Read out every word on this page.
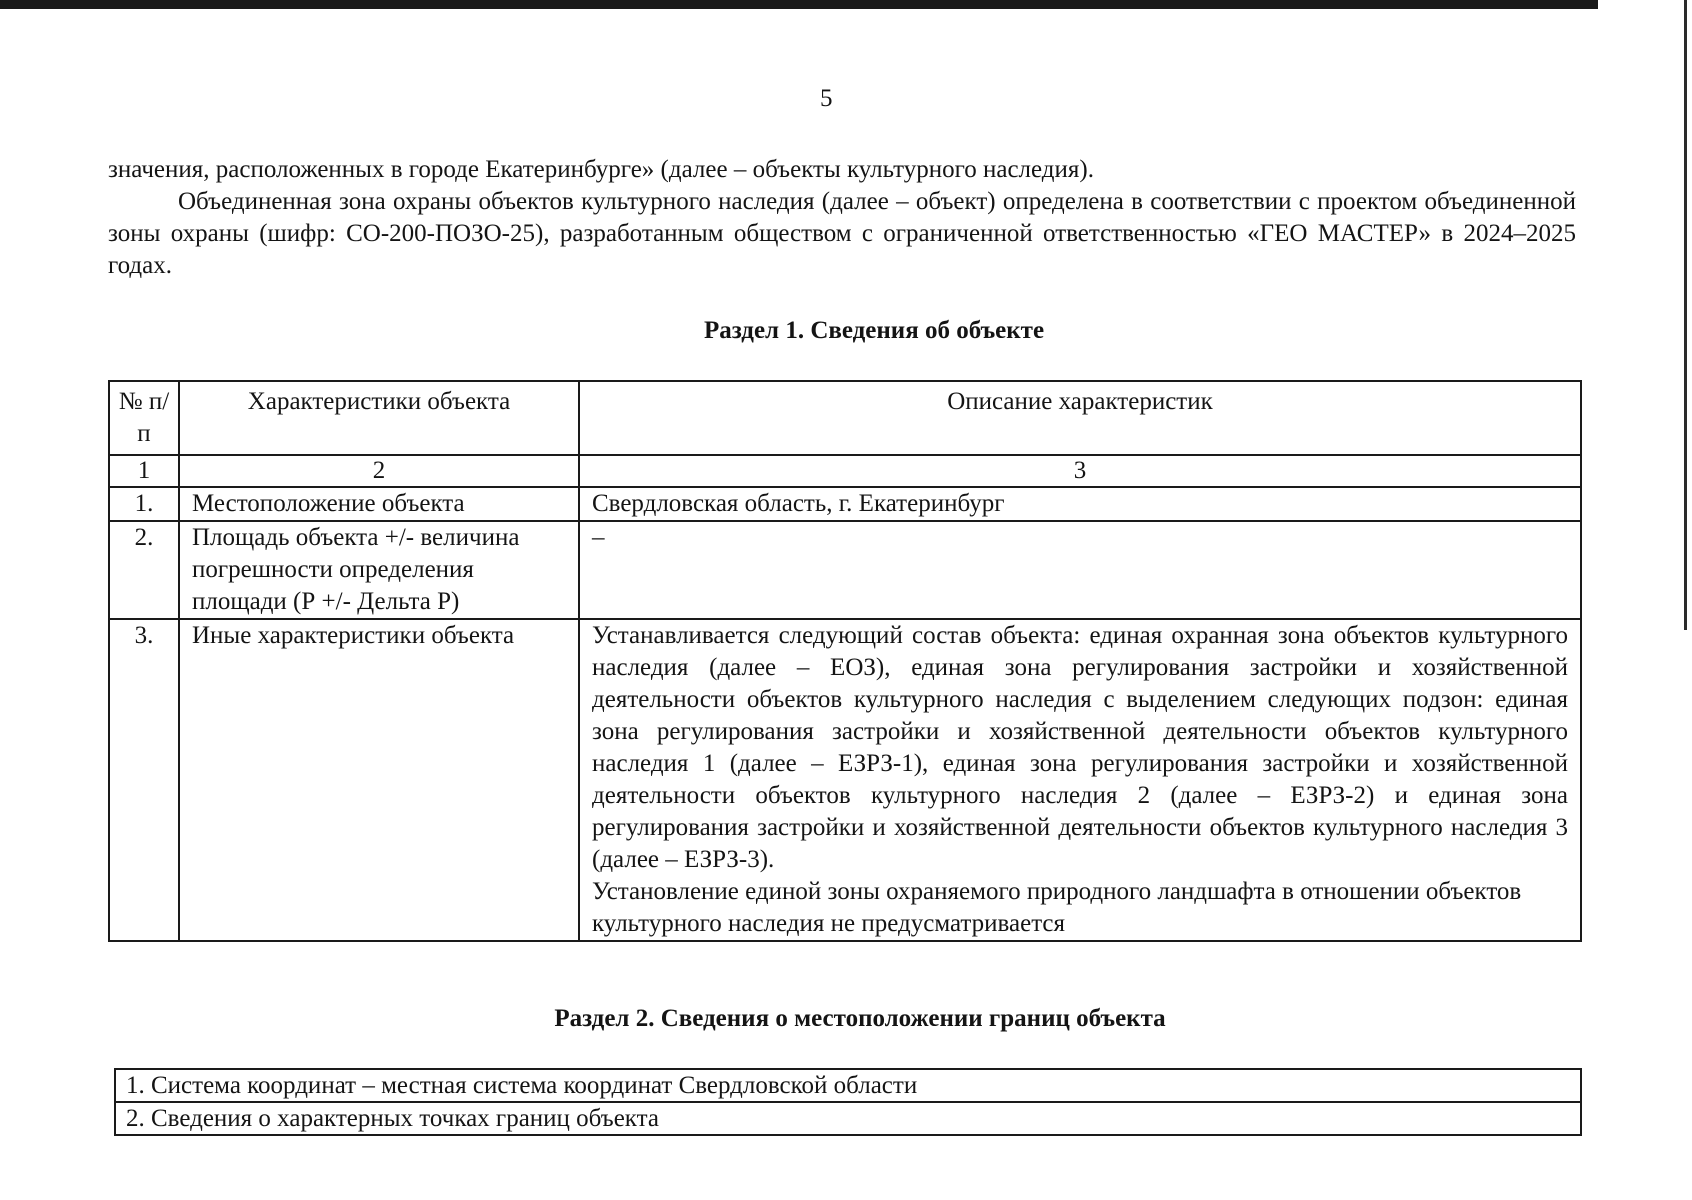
5

значения, расположенных в городе Екатеринбурге» (далее – объекты культурного наследия).

Объединенная зона охраны объектов культурного наследия (далее – объект) определена в соответствии с проектом объединенной зоны охраны (шифр: СО-200-ПОЗО-25), разработанным обществом с ограниченной ответственностью «ГЕО МАСТЕР» в 2024–2025 годах.

Раздел 1. Сведения об объекте
№ п/п	Характеристики объекта	Описание характеристик
1	2	3
1.	Местоположение объекта	Свердловская область, г. Екатеринбург
2.	Площадь объекта +/- величина погрешности определения площади (Р +/- Дельта Р)	–
3.	Иные характеристики объекта	Устанавливается следующий состав объекта: единая охранная зона объектов культурного наследия (далее – ЕОЗ), единая зона регулирования застройки и хозяйственной деятельности объектов культурного наследия с выделением следующих подзон: единая зона регулирования застройки и хозяйственной деятельности объектов культурного наследия 1 (далее – ЕЗРЗ-1), единая зона регулирования застройки и хозяйственной деятельности объектов культурного наследия 2 (далее – ЕЗРЗ-2) и единая зона регулирования застройки и хозяйственной деятельности объектов культурного наследия 3 (далее – ЕЗРЗ-3).

Установление единой зоны охраняемого природного ландшафта в отношении объектов культурного наследия не предусматривается

Раздел 2. Сведения о местоположении границ объекта
1. Система координат – местная система координат Свердловской области
2. Сведения о характерных точках границ объекта
